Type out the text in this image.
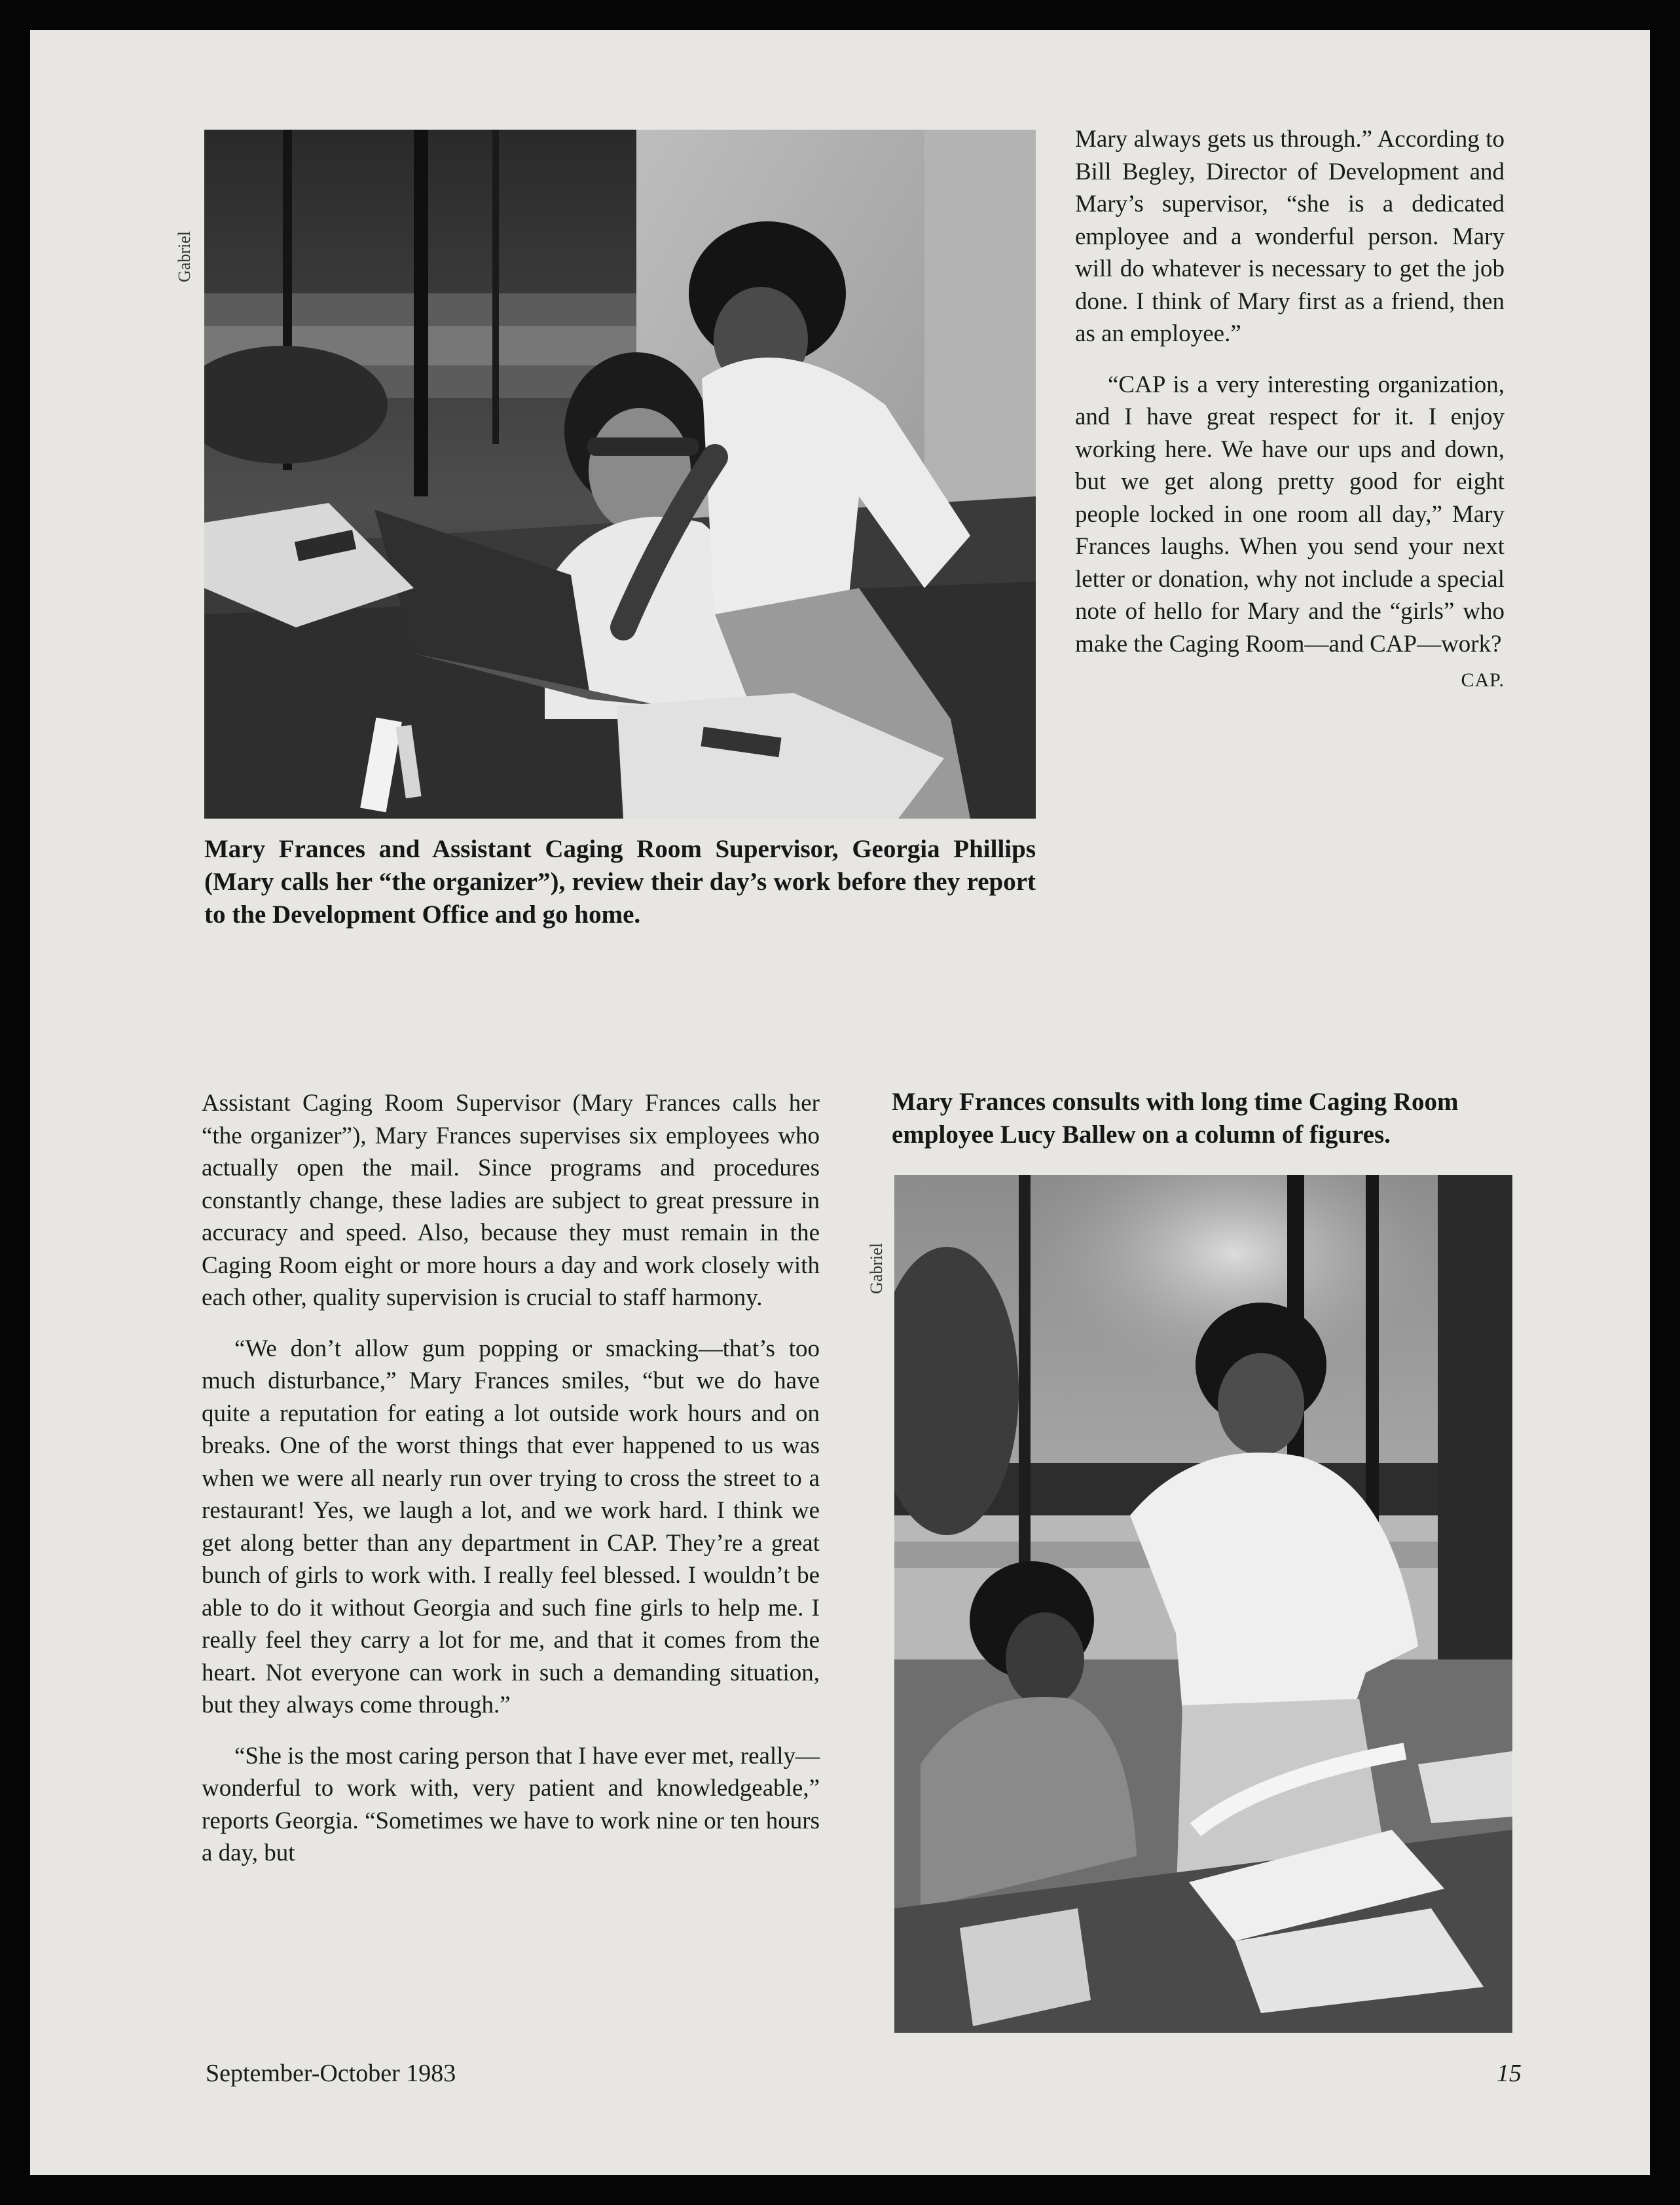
Gabriel
Mary Frances and Assistant Caging Room Supervisor, Georgia Phillips (Mary calls her “the organizer”), review their day’s work before they report to the Development Office and go home.

Mary always gets us through.” According to Bill Begley, Director of Development and Mary’s supervisor, “she is a dedicated employee and a wonderful person. Mary will do whatever is necessary to get the job done. I think of Mary first as a friend, then as an employee.”

“CAP is a very interesting organization, and I have great respect for it. I enjoy working here. We have our ups and down, but we get along pretty good for eight people locked in one room all day,” Mary Frances laughs. When you send your next letter or donation, why not include a special note of hello for Mary and the “girls” who make the Caging Room—and CAP—work?
CAP.

Mary Frances consults with long time Caging Room employee Lucy Ballew on a column of figures.
Gabriel

Assistant Caging Room Supervisor (Mary Frances calls her “the organizer”), Mary Frances supervises six employees who actually open the mail. Since programs and procedures constantly change, these ladies are subject to great pressure in accuracy and speed. Also, because they must remain in the Caging Room eight or more hours a day and work closely with each other, quality supervision is crucial to staff harmony.

“We don’t allow gum popping or smacking—that’s too much disturbance,” Mary Frances smiles, “but we do have quite a reputation for eating a lot outside work hours and on breaks. One of the worst things that ever happened to us was when we were all nearly run over trying to cross the street to a restaurant! Yes, we laugh a lot, and we work hard. I think we get along better than any department in CAP. They’re a great bunch of girls to work with. I really feel blessed. I wouldn’t be able to do it without Georgia and such fine girls to help me. I really feel they carry a lot for me, and that it comes from the heart. Not everyone can work in such a demanding situation, but they always come through.”

“She is the most caring person that I have ever met, really—wonderful to work with, very patient and knowledgeable,” reports Georgia. “Sometimes we have to work nine or ten hours a day, but

September-October 1983	15
